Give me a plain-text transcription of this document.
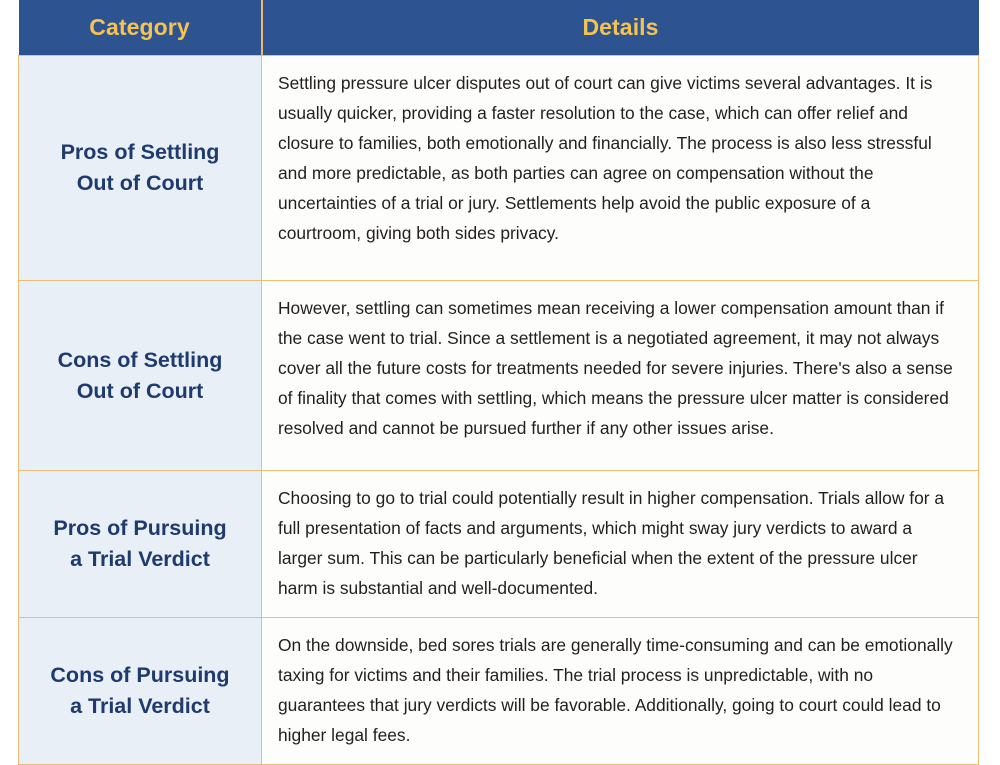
Category	Details

Pros of Settling
Out of Court	Settling pressure ulcer disputes out of court can give victims several advantages. It is usually quicker, providing a faster resolution to the case, which can offer relief and closure to families, both emotionally and financially. The process is also less stressful and more predictable, as both parties can agree on compensation without the uncertainties of a trial or jury. Settlements help avoid the public exposure of a courtroom, giving both sides privacy.

Cons of Settling
Out of Court	However, settling can sometimes mean receiving a lower compensation amount than if the case went to trial. Since a settlement is a negotiated agreement, it may not always cover all the future costs for treatments needed for severe injuries. There's also a sense of finality that comes with settling, which means the pressure ulcer matter is considered resolved and cannot be pursued further if any other issues arise.

Pros of Pursuing
a Trial Verdict	Choosing to go to trial could potentially result in higher compensation. Trials allow for a full presentation of facts and arguments, which might sway jury verdicts to award a larger sum. This can be particularly beneficial when the extent of the pressure ulcer harm is substantial and well-documented.

Cons of Pursuing
a Trial Verdict	On the downside, bed sores trials are generally time-consuming and can be emotionally taxing for victims and their families. The trial process is unpredictable, with no guarantees that jury verdicts will be favorable. Additionally, going to court could lead to higher legal fees.
